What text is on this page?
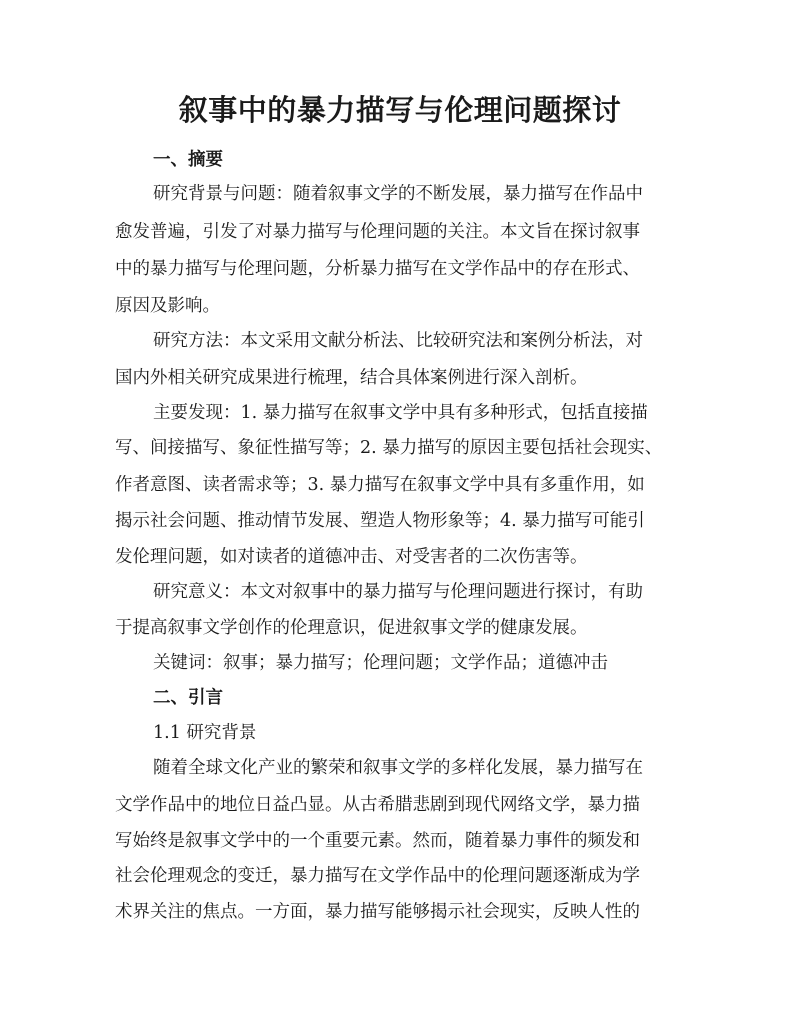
叙事中的暴力描写与伦理问题探讨

一、摘要

研究背景与问题：随着叙事文学的不断发展，暴力描写在作品中

愈发普遍，引发了对暴力描写与伦理问题的关注。本文旨在探讨叙事

中的暴力描写与伦理问题，分析暴力描写在文学作品中的存在形式、

原因及影响。

研究方法：本文采用文献分析法、比较研究法和案例分析法，对

国内外相关研究成果进行梳理，结合具体案例进行深入剖析。

主要发现：1. 暴力描写在叙事文学中具有多种形式，包括直接描

写、间接描写、象征性描写等；2. 暴力描写的原因主要包括社会现实、

作者意图、读者需求等；3. 暴力描写在叙事文学中具有多重作用，如

揭示社会问题、推动情节发展、塑造人物形象等；4. 暴力描写可能引

发伦理问题，如对读者的道德冲击、对受害者的二次伤害等。

研究意义：本文对叙事中的暴力描写与伦理问题进行探讨，有助

于提高叙事文学创作的伦理意识，促进叙事文学的健康发展。

关键词：叙事；暴力描写；伦理问题；文学作品；道德冲击

二、引言

1.1 研究背景

随着全球文化产业的繁荣和叙事文学的多样化发展，暴力描写在

文学作品中的地位日益凸显。从古希腊悲剧到现代网络文学，暴力描

写始终是叙事文学中的一个重要元素。然而，随着暴力事件的频发和

社会伦理观念的变迁，暴力描写在文学作品中的伦理问题逐渐成为学

术界关注的焦点。一方面，暴力描写能够揭示社会现实，反映人性的
